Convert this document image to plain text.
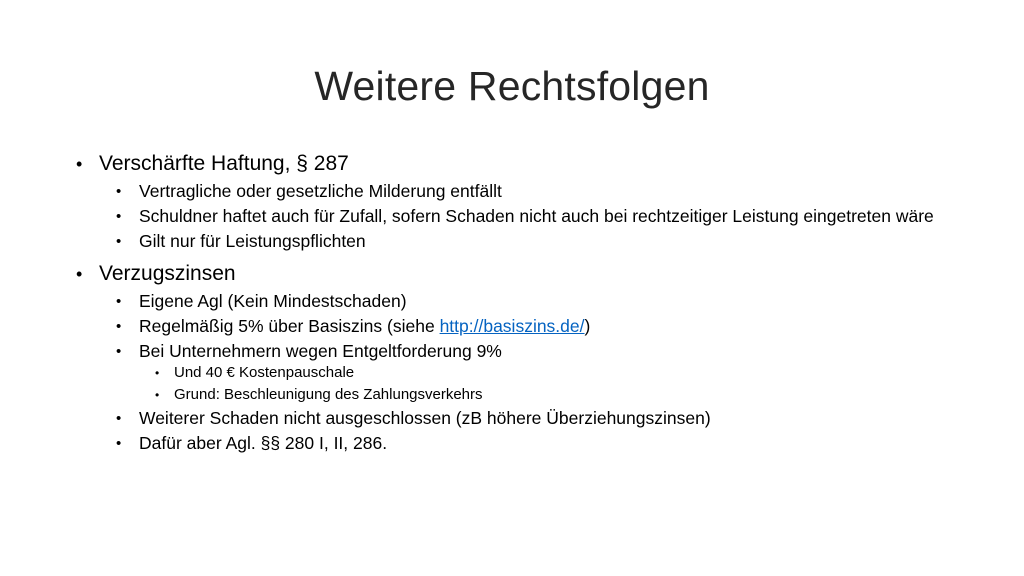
Weitere Rechtsfolgen
• Verschärfte Haftung, § 287
• Vertragliche oder gesetzliche Milderung entfällt
• Schuldner haftet auch für Zufall, sofern Schaden nicht auch bei rechtzeitiger Leistung eingetreten wäre
• Gilt nur für Leistungspflichten
• Verzugszinsen
• Eigene Agl (Kein Mindestschaden)
• Regelmäßig 5% über Basiszins (siehe http://basiszins.de/)
• Bei Unternehmern wegen Entgeltforderung 9%
• Und 40 € Kostenpauschale
• Grund: Beschleunigung des Zahlungsverkehrs
• Weiterer Schaden nicht ausgeschlossen (zB höhere Überziehungszinsen)
• Dafür aber Agl. §§ 280 I, II, 286.
